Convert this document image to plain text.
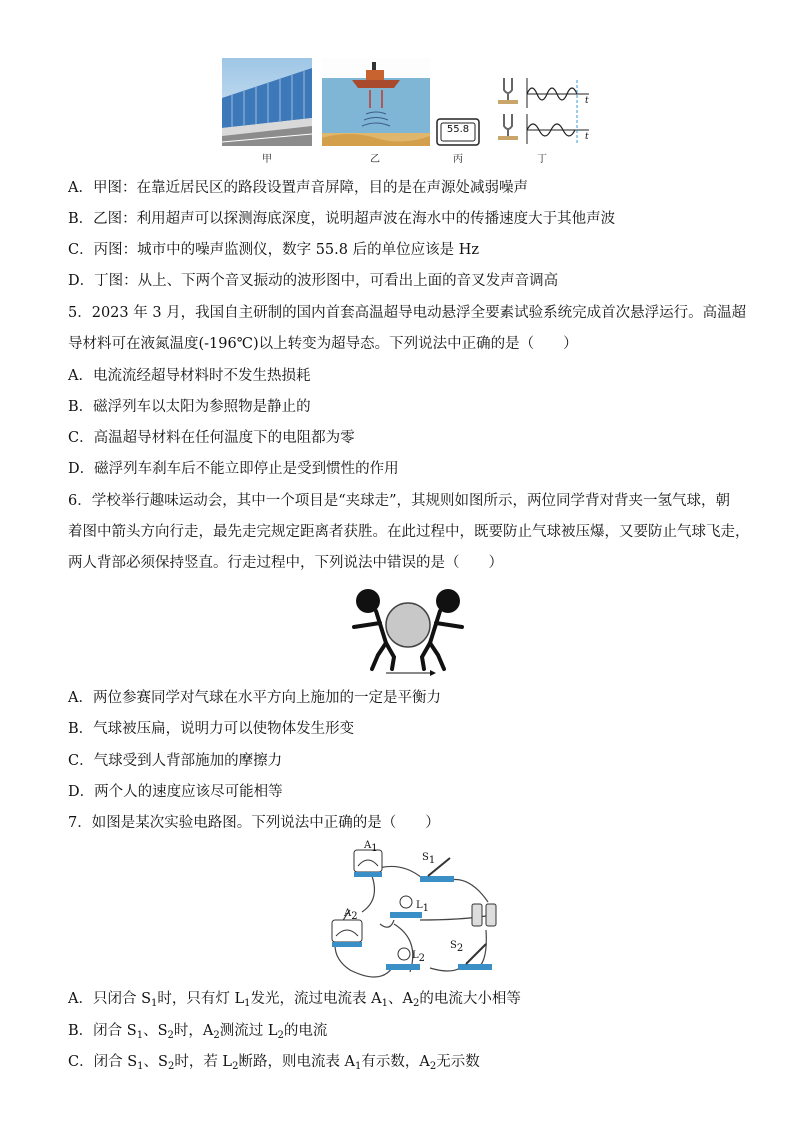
55.8
t
t
甲	乙	丙	丁
A．甲图：在靠近居民区的路段设置声音屏障，目的是在声源处减弱噪声
B．乙图：利用超声可以探测海底深度，说明超声波在海水中的传播速度大于其他声波
C．丙图：城市中的噪声监测仪，数字 55.8 后的单位应该是 Hz
D．丁图：从上、下两个音叉振动的波形图中，可看出上面的音叉发声音调高
5．2023 年 3 月，我国自主研制的国内首套高温超导电动悬浮全要素试验系统完成首次悬浮运行。高温超
导材料可在液氮温度(-196℃)以上转变为超导态。下列说法中正确的是（　　）
A．电流流经超导材料时不发生热损耗
B．磁浮列车以太阳为参照物是静止的
C．高温超导材料在任何温度下的电阻都为零
D．磁浮列车刹车后不能立即停止是受到惯性的作用
6．学校举行趣味运动会，其中一个项目是“夹球走”，其规则如图所示，两位同学背对背夹一氢气球，朝
着图中箭头方向行走，最先走完规定距离者获胜。在此过程中，既要防止气球被压爆，又要防止气球飞走，
两人背部必须保持竖直。行走过程中，下列说法中错误的是（　　）
A．两位参赛同学对气球在水平方向上施加的一定是平衡力
B．气球被压扁，说明力可以使物体发生形变
C．气球受到人背部施加的摩擦力
D．两个人的速度应该尽可能相等
7．如图是某次实验电路图。下列说法中正确的是（　　）
A1
A2
S1
S2
L1
L2
A．只闭合 $S_1$时，只有灯 $L_1$发光，流过电流表 $A_1$、$A_2$的电流大小相等
B．闭合 $S_1$、$S_2$时，$A_2$测流过 $L_2$的电流
C．闭合 $S_1$、$S_2$时，若 $L_2$断路，则电流表 $A_1$有示数，$A_2$无示数
